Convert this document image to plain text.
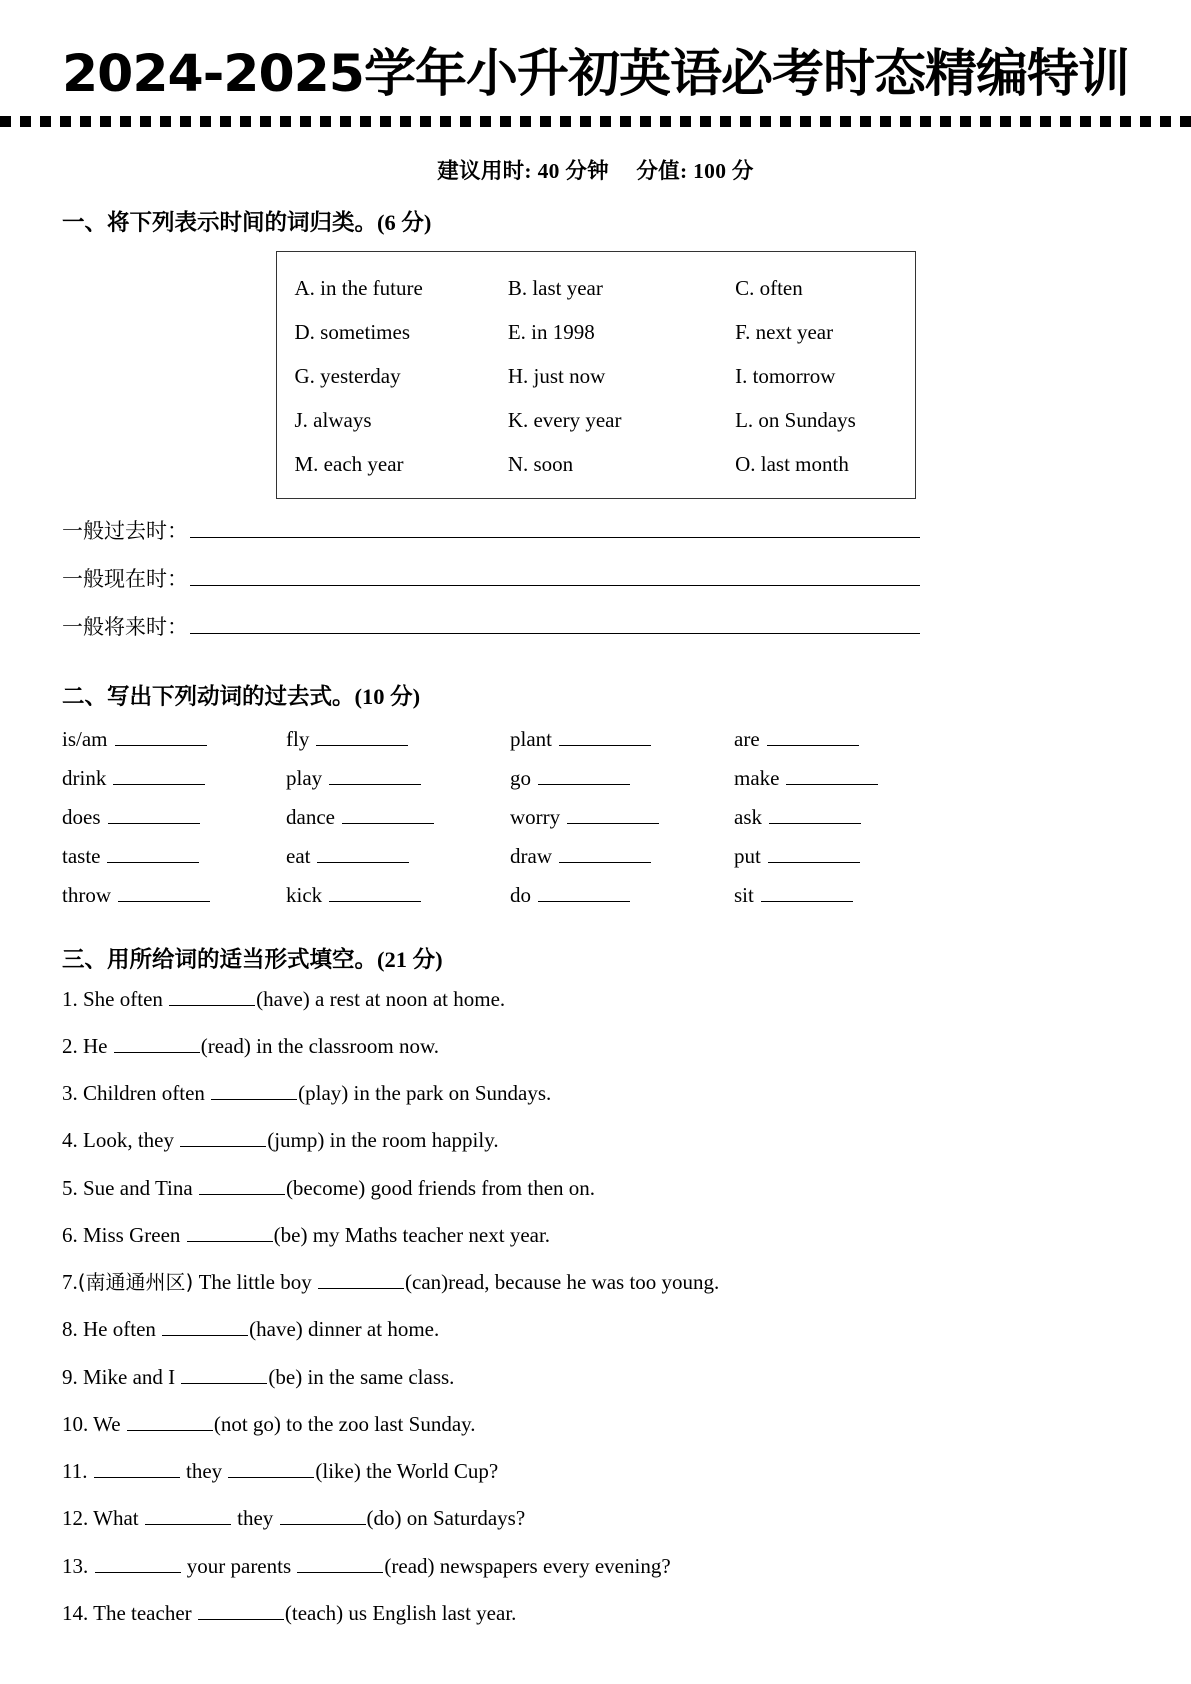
2024-2025学年小升初英语必考时态精编特训
建议用时: 40 分钟 分值: 100 分
一、将下列表示时间的词归类。(6 分)
A. in the future	B. last year	C. often
D. sometimes	E. in 1998	F. next year
G. yesterday	H. just now	I. tomorrow
J. always	K. every year	L. on Sundays
M. each year	N. soon	O. last month
一般过去时：
一般现在时：
一般将来时：
二、写出下列动词的过去式。(10 分)
is/am	fly	plant	are
drink	play	go	make
does	dance	worry	ask
taste	eat	draw	put
throw	kick	do	sit
三、用所给词的适当形式填空。(21 分)
1. She often	(have) a rest at noon at home.
2. He	(read) in the classroom now.
3. Children often	(play) in the park on Sundays.
4. Look, they	(jump) in the room happily.
5. Sue and Tina	(become) good friends from then on.
6. Miss Green	(be) my Maths teacher next year.
7.(南通通州区) The little boy	(can)read, because he was too young.
8. He often	(have) dinner at home.
9. Mike and I	(be) in the same class.
10. We	(not go) to the zoo last Sunday.
11.	they	(like) the World Cup?
12. What	they	(do) on Saturdays?
13.	your parents	(read) newspapers every evening?
14. The teacher	(teach) us English last year.
